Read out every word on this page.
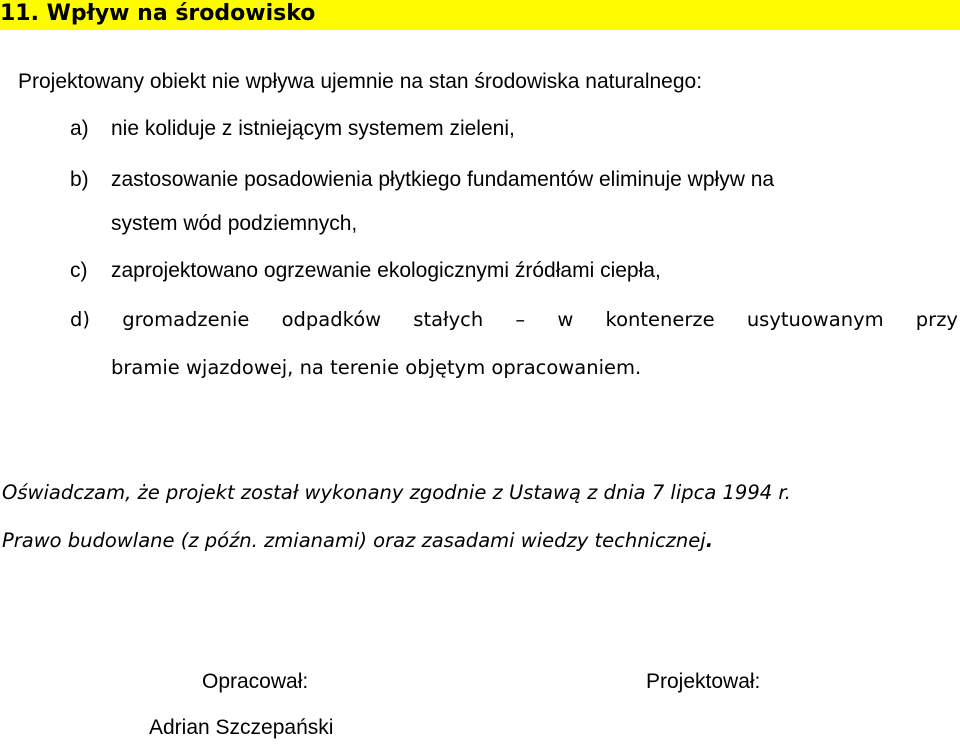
11. Wpływ na środowisko
Projektowany obiekt nie wpływa ujemnie na stan środowiska naturalnego:
a) nie koliduje z istniejącym systemem zieleni,
b) zastosowanie posadowienia płytkiego fundamentów eliminuje wpływ na
system wód podziemnych,
c) zaprojektowano ogrzewanie ekologicznymi źródłami ciepła,
d) gromadzenie odpadków stałych – w kontenerze usytuowanym przy
bramie wjazdowej, na terenie objętym opracowaniem.
Oświadczam, że projekt został wykonany zgodnie z Ustawą z dnia 7 lipca 1994 r.
Prawo budowlane (z późn. zmianami) oraz zasadami wiedzy technicznej.
Opracował:
Adrian Szczepański
Projektował:
